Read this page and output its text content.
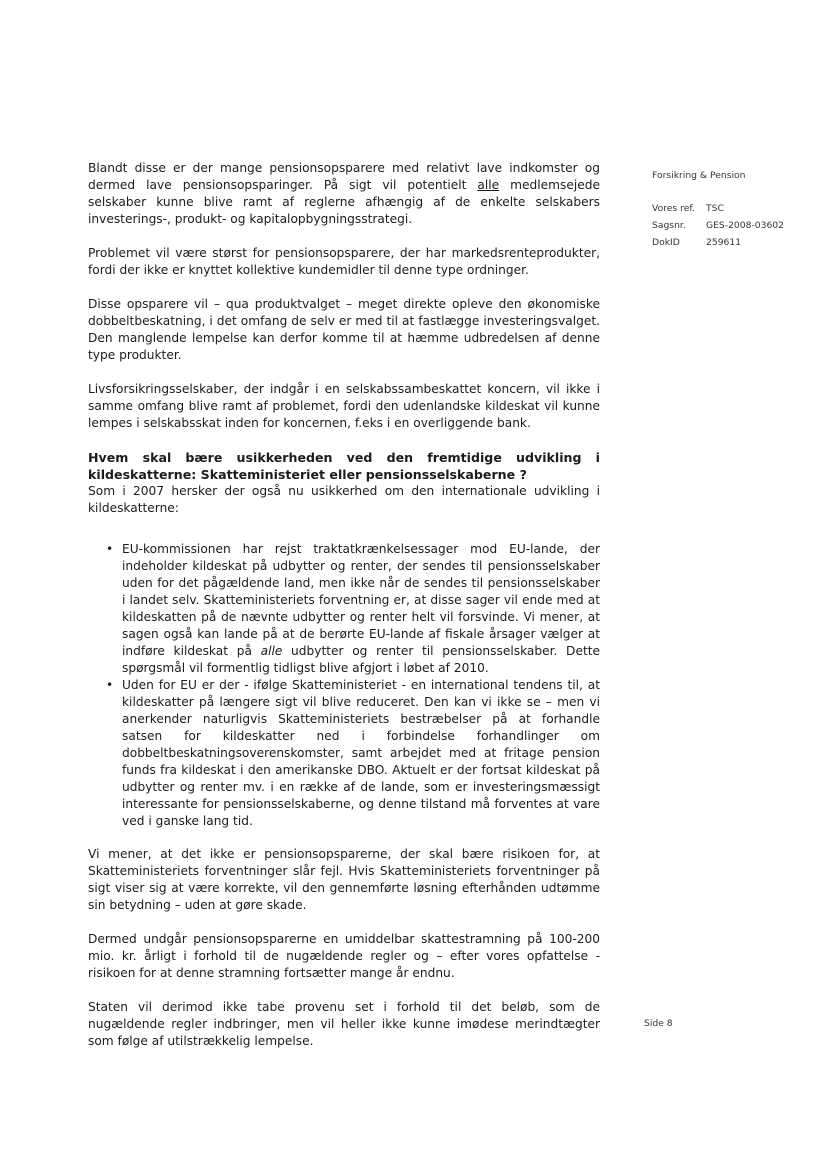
Blandt disse er der mange pensionsopsparere med relativt lave indkomster og dermed lave pensionsopsparinger. På sigt vil potentielt alle medlemsejede selskaber kunne blive ramt af reglerne afhængig af de enkelte selskabers investerings-, produkt- og kapitalopbygningsstrategi.

Problemet vil være størst for pensionsopsparere, der har markedsrenteprodukter, fordi der ikke er knyttet kollektive kundemidler til denne type ordninger.

Disse opsparere vil – qua produktvalget – meget direkte opleve den økonomiske dobbeltbeskatning, i det omfang de selv er med til at fastlægge investeringsvalget. Den manglende lempelse kan derfor komme til at hæmme udbredelsen af denne type produkter.

Livsforsikringsselskaber, der indgår i en selskabssambeskattet koncern, vil ikke i samme omfang blive ramt af problemet, fordi den udenlandske kildeskat vil kunne lempes i selskabsskat inden for koncernen, f.eks i en overliggende bank.

Hvem skal bære usikkerheden ved den fremtidige udvikling i kildeskatterne: Skatteministeriet eller pensionsselskaberne ?

Som i 2007 hersker der også nu usikkerhed om den internationale udvikling i kildeskatterne:

• EU-kommissionen har rejst traktatkrænkelsessager mod EU-lande, der indeholder kildeskat på udbytter og renter, der sendes til pensionsselskaber uden for det pågældende land, men ikke når de sendes til pensionsselskaber i landet selv. Skatteministeriets forventning er, at disse sager vil ende med at kildeskatten på de nævnte udbytter og renter helt vil forsvinde. Vi mener, at sagen også kan lande på at de berørte EU-lande af fiskale årsager vælger at indføre kildeskat på alle udbytter og renter til pensionsselskaber. Dette spørgsmål vil formentlig tidligst blive afgjort i løbet af 2010.
• Uden for EU er der - ifølge Skatteministeriet - en international tendens til, at kildeskatter på længere sigt vil blive reduceret. Den kan vi ikke se – men vi anerkender naturligvis Skatteministeriets bestræbelser på at forhandle satsen for kildeskatter ned i forbindelse forhandlinger om dobbeltbeskatningsoverenskomster, samt arbejdet med at fritage pension funds fra kildeskat i den amerikanske DBO. Aktuelt er der fortsat kildeskat på udbytter og renter mv. i en række af de lande, som er investeringsmæssigt interessante for pensionsselskaberne, og denne tilstand må forventes at vare ved i ganske lang tid.

Vi mener, at det ikke er pensionsopsparerne, der skal bære risikoen for, at Skatteministeriets forventninger slår fejl. Hvis Skatteministeriets forventninger på sigt viser sig at være korrekte, vil den gennemførte løsning efterhånden udtømme sin betydning – uden at gøre skade.

Dermed undgår pensionsopsparerne en umiddelbar skattestramning på 100-200 mio. kr. årligt i forhold til de nugældende regler og – efter vores opfattelse - risikoen for at denne stramning fortsætter mange år endnu.

Staten vil derimod ikke tabe provenu set i forhold til det beløb, som de nugældende regler indbringer, men vil heller ikke kunne imødese merindtægter som følge af utilstrækkelig lempelse.

Forsikring & Pension
Vores ref.	TSC
Sagsnr.	GES-2008-03602
DokID	259611
Side 8
